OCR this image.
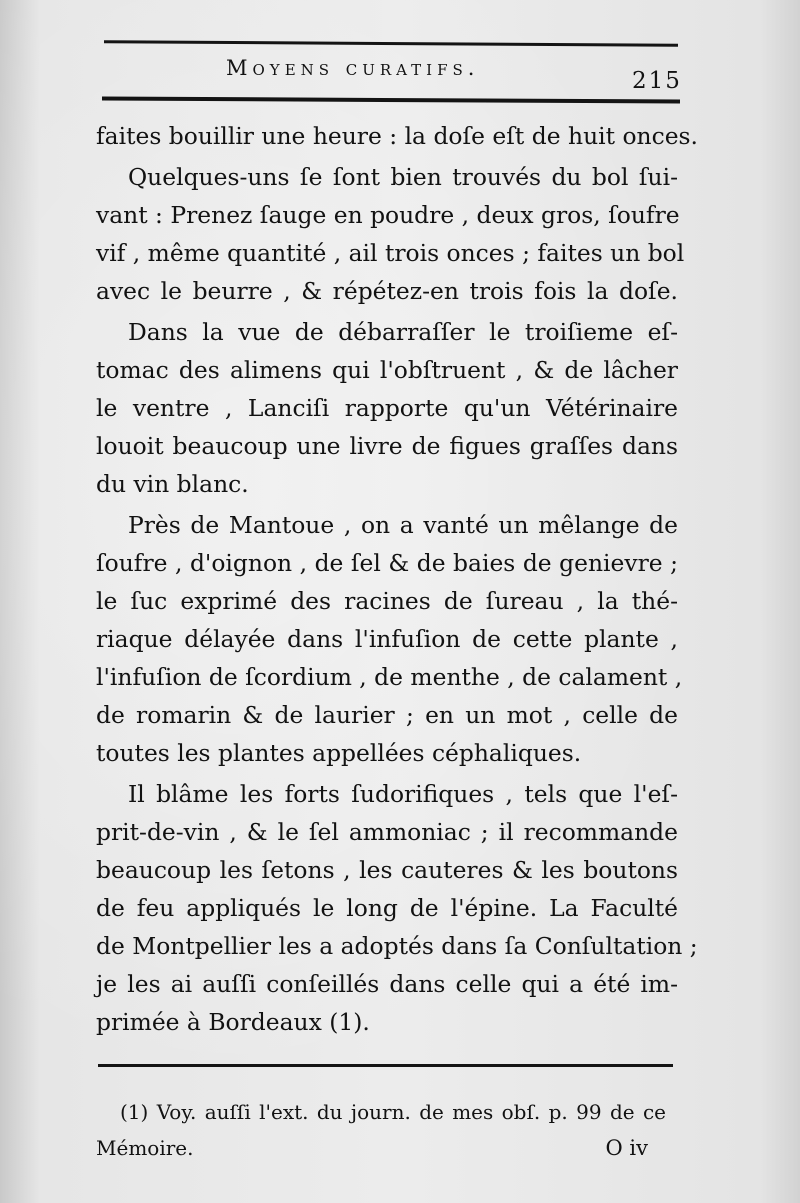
Moyens curatifs.	215
faites bouillir une heure : la doſe eſt de huit onces.
Quelques-uns ſe ſont bien trouvés du bol ſui-
vant : Prenez ſauge en poudre , deux gros, ſoufre
vif , même quantité , ail trois onces ; faites un bol
avec le beurre , & répétez-en trois fois la doſe.
Dans la vue de débarraſſer le troiſieme eſ-
tomac des alimens qui l'obſtruent , & de lâcher
le ventre , Lanciſi rapporte qu'un Vétérinaire
louoit beaucoup une livre de figues graſſes dans
du vin blanc.
Près de Mantoue , on a vanté un mêlange de
ſoufre , d'oignon , de ſel & de baies de genievre ;
le ſuc exprimé des racines de ſureau , la thé-
riaque délayée dans l'infuſion de cette plante ,
l'infuſion de ſcordium , de menthe , de calament ,
de romarin & de laurier ; en un mot , celle de
toutes les plantes appellées céphaliques.
Il blâme les forts ſudorifiques , tels que l'eſ-
prit-de-vin , & le ſel ammoniac ; il recommande
beaucoup les ſetons , les cauteres & les boutons
de feu appliqués le long de l'épine. La Faculté
de Montpellier les a adoptés dans ſa Conſultation ;
je les ai auſſi conſeillés dans celle qui a été im-
primée à Bordeaux (1).
(1) Voy. auſſi l'ext. du journ. de mes obſ. p. 99 de ce
Mémoire.	O iv
